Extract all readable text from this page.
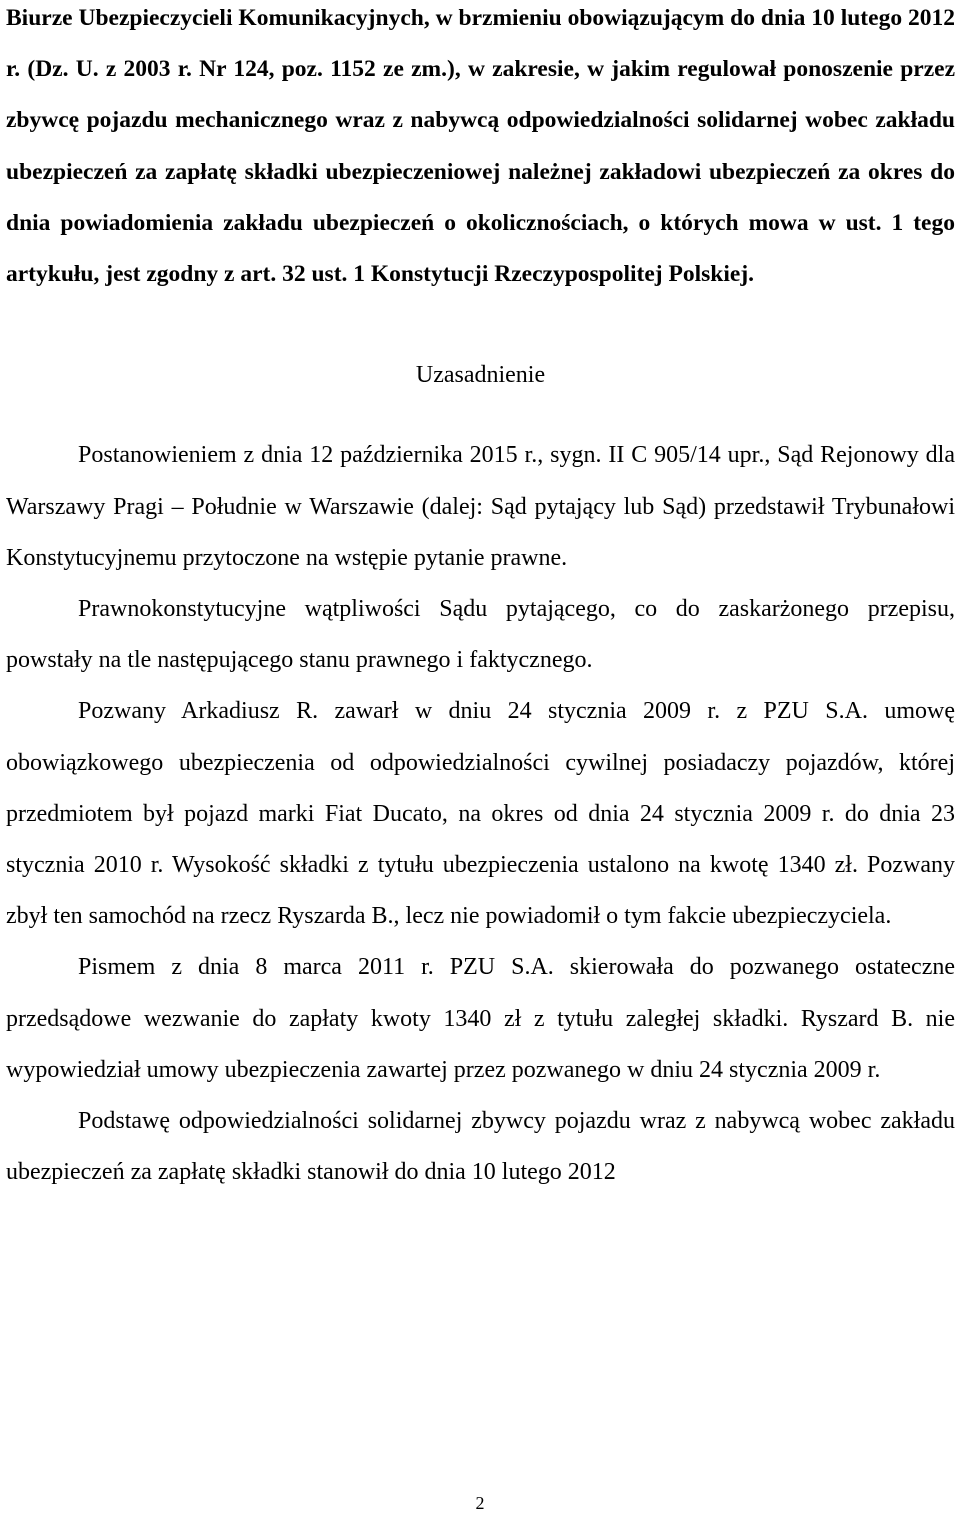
Biurze Ubezpieczycieli Komunikacyjnych, w brzmieniu obowiązującym do dnia 10 lutego 2012 r. (Dz. U. z 2003 r. Nr 124, poz. 1152 ze zm.), w zakresie, w jakim regulował ponoszenie przez zbywcę pojazdu mechanicznego wraz z nabywcą odpowiedzialności solidarnej wobec zakładu ubezpieczeń za zapłatę składki ubezpieczeniowej należnej zakładowi ubezpieczeń za okres do dnia powiadomienia zakładu ubezpieczeń o okolicznościach, o których mowa w ust. 1 tego artykułu, jest zgodny z art. 32 ust. 1 Konstytucji Rzeczypospolitej Polskiej.
Uzasadnienie

Postanowieniem z dnia 12 października 2015 r., sygn. II C 905/14 upr., Sąd Rejonowy dla Warszawy Pragi – Południe w Warszawie (dalej: Sąd pytający lub Sąd) przedstawił Trybunałowi Konstytucyjnemu przytoczone na wstępie pytanie prawne.

Prawnokonstytucyjne wątpliwości Sądu pytającego, co do zaskarżonego przepisu, powstały na tle następującego stanu prawnego i faktycznego.

Pozwany Arkadiusz R. zawarł w dniu 24 stycznia 2009 r. z PZU S.A. umowę obowiązkowego ubezpieczenia od odpowiedzialności cywilnej posiadaczy pojazdów, której przedmiotem był pojazd marki Fiat Ducato, na okres od dnia 24 stycznia 2009 r. do dnia 23 stycznia 2010 r. Wysokość składki z tytułu ubezpieczenia ustalono na kwotę 1340 zł. Pozwany zbył ten samochód na rzecz Ryszarda B., lecz nie powiadomił o tym fakcie ubezpieczyciela.

Pismem z dnia 8 marca 2011 r. PZU S.A. skierowała do pozwanego ostateczne przedsądowe wezwanie do zapłaty kwoty 1340 zł z tytułu zaległej składki. Ryszard B. nie wypowiedział umowy ubezpieczenia zawartej przez pozwanego w dniu 24 stycznia 2009 r.

Podstawę odpowiedzialności solidarnej zbywcy pojazdu wraz z nabywcą wobec zakładu ubezpieczeń za zapłatę składki stanowił do dnia 10 lutego 2012

2
